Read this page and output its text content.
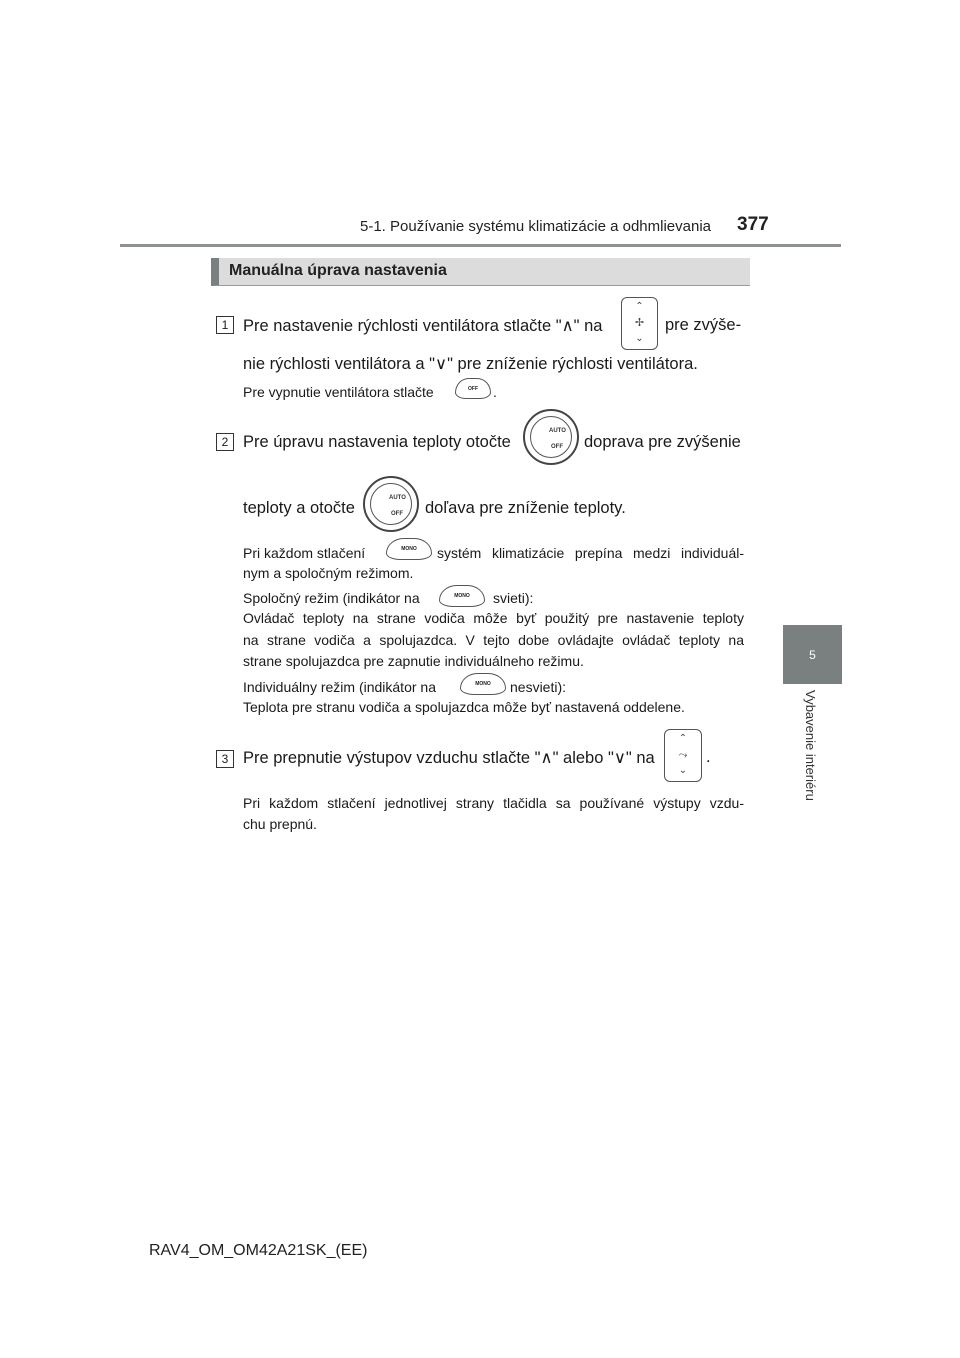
5-1. Používanie systému klimatizácie a odhmlievania 377
5
Vybavenie interiéru
Manuálna úprava nastavenia
1 Pre nastavenie rýchlosti ventilátora stlačte "∧" na
⌃
✢
⌄
pre zvýše-
nie rýchlosti ventilátora a "∨" pre zníženie rýchlosti ventilátora.
Pre vypnutie ventilátora stlačte	OFF .
2 Pre úpravu nastavenia teploty otočte
AUTO
OFF doprava pre zvýšenie
teploty a otočte
AUTO
OFF doľava pre zníženie teploty.
Pri každom stlačení	MONO systém klimatizácie prepína medzi individuál-
nym a spoločným režimom.
Spoločný režim (indikátor na	MONO svieti):
Ovládač teploty na strane vodiča môže byť použitý pre nastavenie teploty
na strane vodiča a spolujazdca. V tejto dobe ovládajte ovládač teploty na
strane spolujazdca pre zapnutie individuálneho režimu.
Individuálny režim (indikátor na	MONO nesvieti):
Teplota pre stranu vodiča a spolujazdca môže byť nastavená oddelene.
3 Pre prepnutie výstupov vzduchu stlačte "∧" alebo "∨" na
⌃
⤳
⌄
.
Pri každom stlačení jednotlivej strany tlačidla sa používané výstupy vzdu-
chu prepnú.
RAV4_OM_OM42A21SK_(EE)
